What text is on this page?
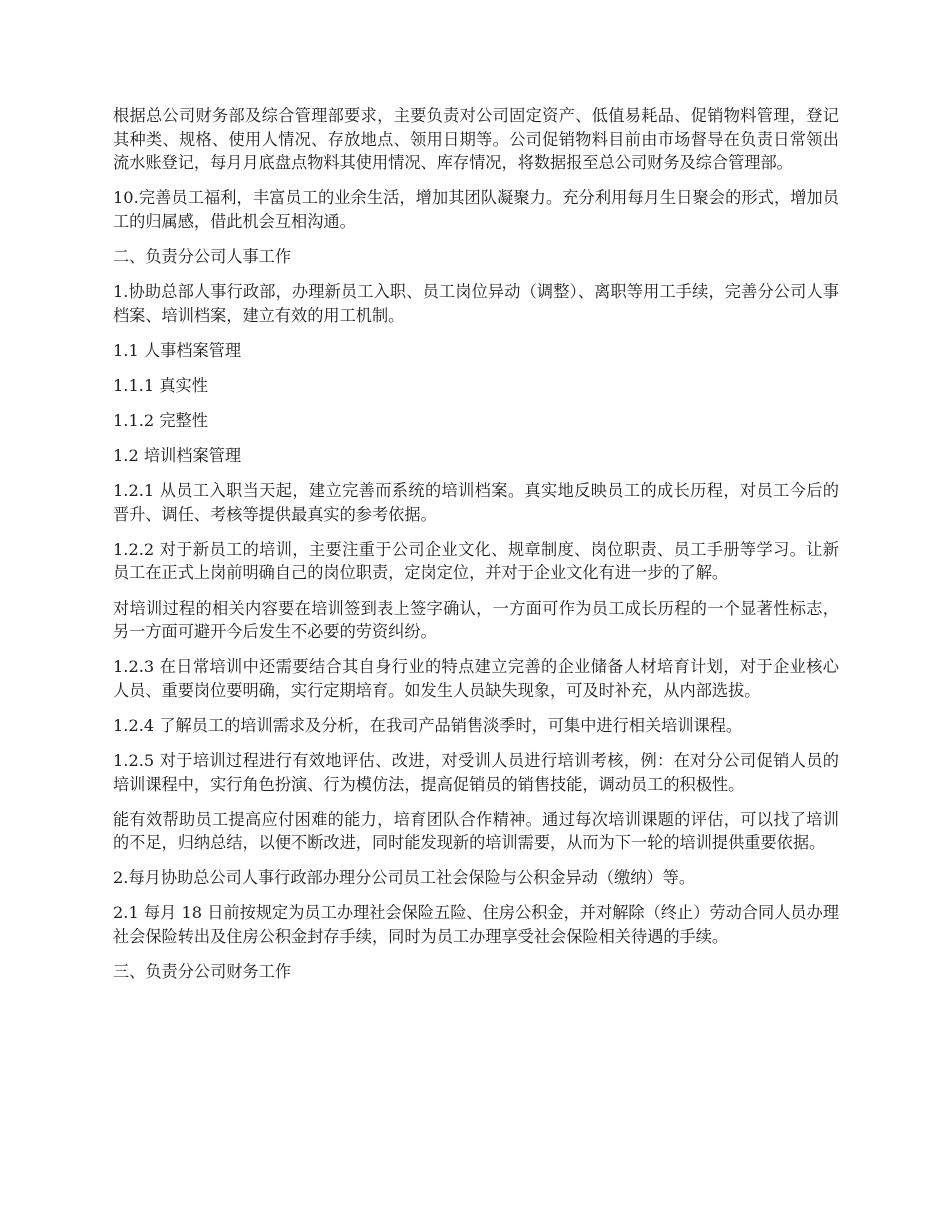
根据总公司财务部及综合管理部要求，主要负责对公司固定资产、低值易耗品、促销物料管理，登记其种类、规格、使用人情况、存放地点、领用日期等。公司促销物料目前由市场督导在负责日常领出流水账登记，每月月底盘点物料其使用情况、库存情况，将数据报至总公司财务及综合管理部。

10.完善员工福利，丰富员工的业余生活，增加其团队凝聚力。充分利用每月生日聚会的形式，增加员工的归属感，借此机会互相沟通。

二、负责分公司人事工作

1.协助总部人事行政部，办理新员工入职、员工岗位异动（调整）、离职等用工手续，完善分公司人事档案、培训档案，建立有效的用工机制。

1.1 人事档案管理

1.1.1 真实性

1.1.2 完整性

1.2 培训档案管理

1.2.1 从员工入职当天起，建立完善而系统的培训档案。真实地反映员工的成长历程，对员工今后的晋升、调任、考核等提供最真实的参考依据。

1.2.2 对于新员工的培训，主要注重于公司企业文化、规章制度、岗位职责、员工手册等学习。让新员工在正式上岗前明确自己的岗位职责，定岗定位，并对于企业文化有进一步的了解。

对培训过程的相关内容要在培训签到表上签字确认，一方面可作为员工成长历程的一个显著性标志，另一方面可避开今后发生不必要的劳资纠纷。

1.2.3 在日常培训中还需要结合其自身行业的特点建立完善的企业储备人材培育计划，对于企业核心人员、重要岗位要明确，实行定期培育。如发生人员缺失现象，可及时补充，从内部选拔。

1.2.4 了解员工的培训需求及分析，在我司产品销售淡季时，可集中进行相关培训课程。

1.2.5 对于培训过程进行有效地评估、改进，对受训人员进行培训考核，例：在对分公司促销人员的培训课程中，实行角色扮演、行为模仿法，提高促销员的销售技能，调动员工的积极性。

能有效帮助员工提高应付困难的能力，培育团队合作精神。通过每次培训课题的评估，可以找了培训的不足，归纳总结，以便不断改进，同时能发现新的培训需要，从而为下一轮的培训提供重要依据。

2.每月协助总公司人事行政部办理分公司员工社会保险与公积金异动（缴纳）等。

2.1 每月 18 日前按规定为员工办理社会保险五险、住房公积金，并对解除（终止）劳动合同人员办理社会保险转出及住房公积金封存手续，同时为员工办理享受社会保险相关待遇的手续。

三、负责分公司财务工作
